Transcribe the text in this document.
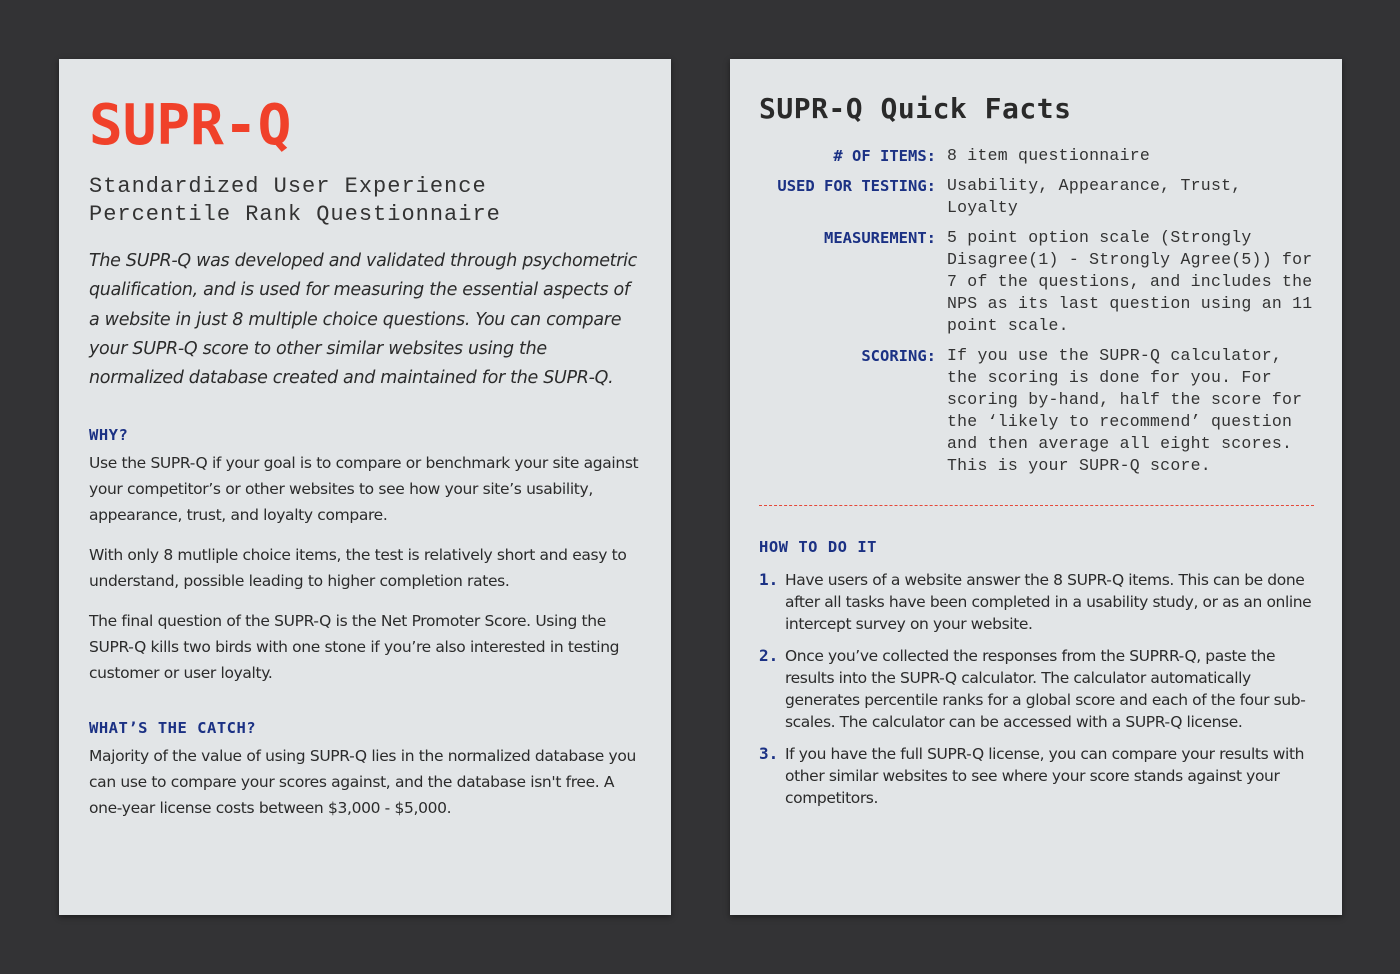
SUPR-Q

Standardized User Experience Percentile Rank Questionnaire

The SUPR-Q was developed and validated through psychometric qualification, and is used for measuring the essential aspects of a website in just 8 multiple choice questions. You can compare your SUPR-Q score to other similar websites using the normalized database created and maintained for the SUPR-Q.

WHY?

Use the SUPR-Q if your goal is to compare or benchmark your site against your competitor’s or other websites to see how your site’s usability, appearance, trust, and loyalty compare.

With only 8 mutliple choice items, the test is relatively short and easy to understand, possible leading to higher completion rates.

The final question of the SUPR-Q is the Net Promoter Score. Using the SUPR-Q kills two birds with one stone if you’re also interested in testing customer or user loyalty.

WHAT’S THE CATCH?

Majority of the value of using SUPR-Q lies in the normalized database you can use to compare your scores against, and the database isn't free. A one-year license costs between $3,000 - $5,000.

SUPR-Q Quick Facts
# OF ITEMS: 8 item questionnaire
USED FOR TESTING: Usability, Appearance, Trust, Loyalty
MEASUREMENT: 5 point option scale (Strongly Disagree(1) - Strongly Agree(5)) for 7 of the questions, and includes the NPS as its last question using an 11 point scale.
SCORING: If you use the SUPR-Q calculator, the scoring is done for you. For scoring by-hand, half the score for the ‘likely to recommend’ question and then average all eight scores. This is your SUPR-Q score.
HOW TO DO IT
1. Have users of a website answer the 8 SUPR-Q items. This can be done after all tasks have been completed in a usability study, or as an online intercept survey on your website.
2. Once you’ve collected the responses from the SUPRR-Q, paste the results into the SUPR-Q calculator. The calculator automatically generates percentile ranks for a global score and each of the four sub-scales. The calculator can be accessed with a SUPR-Q license.
3. If you have the full SUPR-Q license, you can compare your results with other similar websites to see where your score stands against your competitors.
